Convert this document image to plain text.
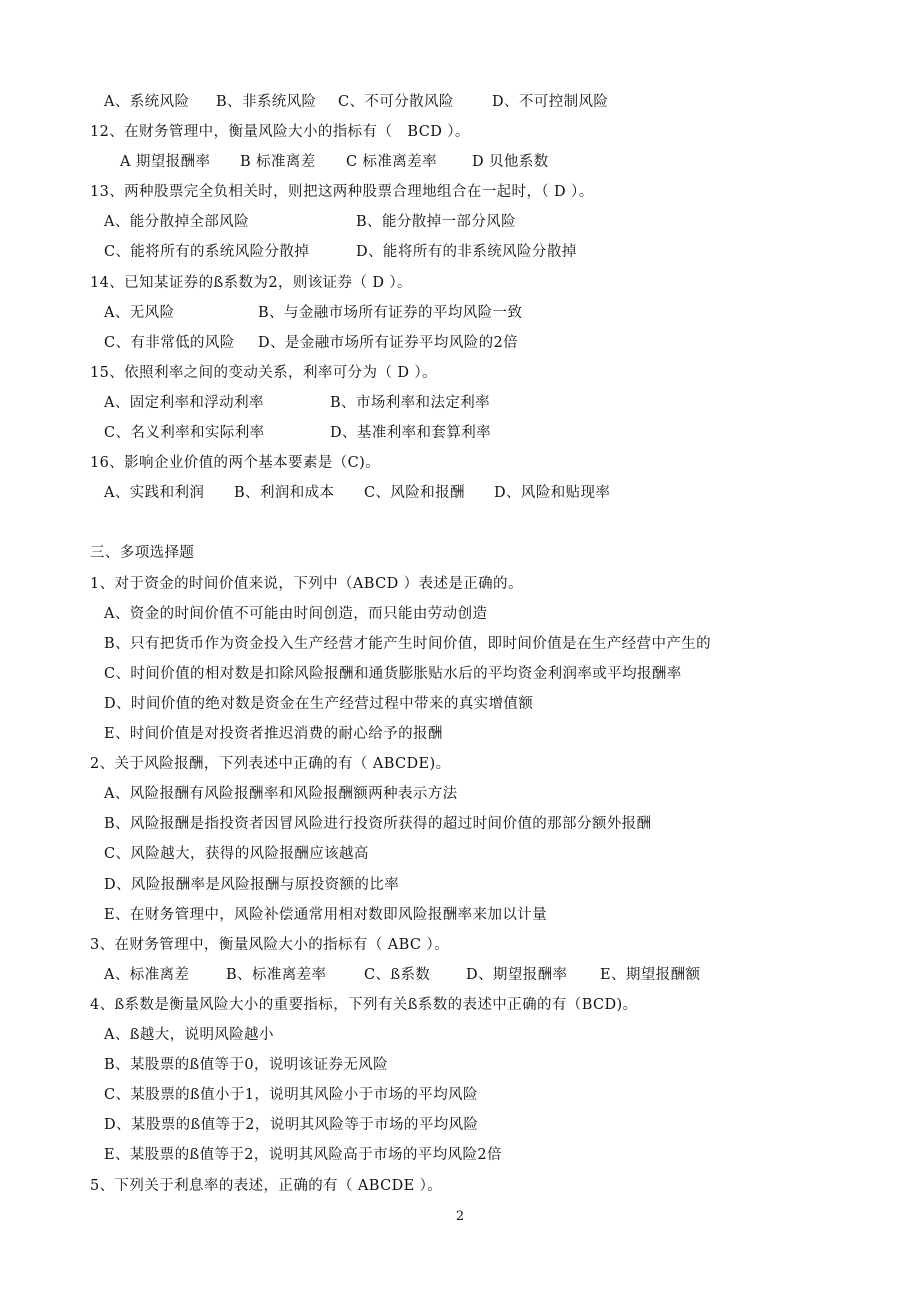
A、系统风险 B、非系统风险 C、不可分散风险	D、不可控制风险
12、在财务管理中，衡量风险大小的指标有（   BCD ）。
A 期望报酬率 B 标准离差 C 标准离差率 D 贝他系数
13、两种股票完全负相关时，则把这两种股票合理地组合在一起时，（ D ）。
A、能分散掉全部风险	B、能分散掉一部分风险
C、能将所有的系统风险分散掉	D、能将所有的非系统风险分散掉
14、已知某证券的ß系数为2，则该证券（ D ）。
A、无风险	B、与金融市场所有证券的平均风险一致
C、有非常低的风险 D、是金融市场所有证券平均风险的2倍
15、依照利率之间的变动关系，利率可分为（ D ）。
A、固定利率和浮动利率	B、市场利率和法定利率
C、名义利率和实际利率	D、基准利率和套算利率
16、影响企业价值的两个基本要素是（C)。
A、实践和利润 B、利润和成本 C、风险和报酬 D、风险和贴现率
三、多项选择题
1、对于资金的时间价值来说，下列中（ABCD ）表述是正确的。
A、资金的时间价值不可能由时间创造，而只能由劳动创造
B、只有把货币作为资金投入生产经营才能产生时间价值，即时间价值是在生产经营中产生的
C、时间价值的相对数是扣除风险报酬和通货膨胀贴水后的平均资金利润率或平均报酬率
D、时间价值的绝对数是资金在生产经营过程中带来的真实增值额
E、时间价值是对投资者推迟消费的耐心给予的报酬
2、关于风险报酬，下列表述中正确的有（ ABCDE)。
A、风险报酬有风险报酬率和风险报酬额两种表示方法
B、风险报酬是指投资者因冒风险进行投资所获得的超过时间价值的那部分额外报酬
C、风险越大，获得的风险报酬应该越高
D、风险报酬率是风险报酬与原投资额的比率
E、在财务管理中，风险补偿通常用相对数即风险报酬率来加以计量
3、在财务管理中，衡量风险大小的指标有（ ABC ）。
A、标准离差	B、标准离差率	C、ß系数 D、期望报酬率 E、期望报酬额
4、ß系数是衡量风险大小的重要指标，下列有关ß系数的表述中正确的有（BCD)。
A、ß越大，说明风险越小
B、某股票的ß值等于0，说明该证券无风险
C、某股票的ß值小于1，说明其风险小于市场的平均风险
D、某股票的ß值等于2，说明其风险等于市场的平均风险
E、某股票的ß值等于2，说明其风险高于市场的平均风险2倍
5、下列关于利息率的表述，正确的有（ ABCDE ）。
2
